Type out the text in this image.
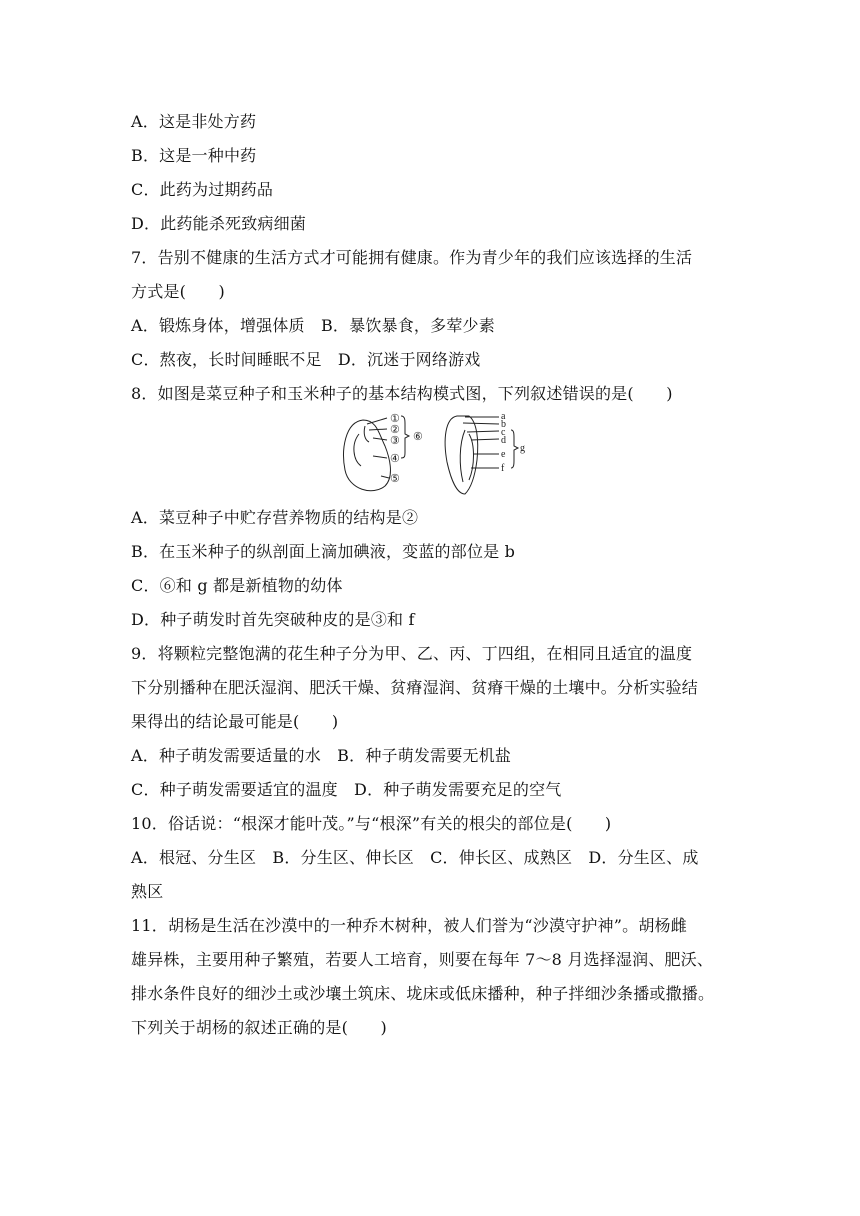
A．这是非处方药
B．这是一种中药
C．此药为过期药品
D．此药能杀死致病细菌
7．告别不健康的生活方式才可能拥有健康。作为青少年的我们应该选择的生活
方式是(　　)
A．锻炼身体，增强体质　B．暴饮暴食，多荤少素
C．熬夜，长时间睡眠不足　D．沉迷于网络游戏
8．如图是菜豆种子和玉米种子的基本结构模式图，下列叙述错误的是(　　)
①
②
③
④
⑤
⑥
a
b
c
d
e
f
g
A．菜豆种子中贮存营养物质的结构是②
B．在玉米种子的纵剖面上滴加碘液，变蓝的部位是 b
C．⑥和 g 都是新植物的幼体
D．种子萌发时首先突破种皮的是③和 f
9．将颗粒完整饱满的花生种子分为甲、乙、丙、丁四组，在相同且适宜的温度
下分别播种在肥沃湿润、肥沃干燥、贫瘠湿润、贫瘠干燥的土壤中。分析实验结
果得出的结论最可能是(　　)
A．种子萌发需要适量的水　B．种子萌发需要无机盐
C．种子萌发需要适宜的温度　D．种子萌发需要充足的空气
10．俗话说：“根深才能叶茂。”与“根深”有关的根尖的部位是(　　)
A．根冠、分生区　B．分生区、伸长区　C．伸长区、成熟区　D．分生区、成
熟区
11．胡杨是生活在沙漠中的一种乔木树种，被人们誉为“沙漠守护神”。胡杨雌
雄异株，主要用种子繁殖，若要人工培育，则要在每年 7～8 月选择湿润、肥沃、
排水条件良好的细沙土或沙壤土筑床、垅床或低床播种，种子拌细沙条播或撒播。
下列关于胡杨的叙述正确的是(　　)
